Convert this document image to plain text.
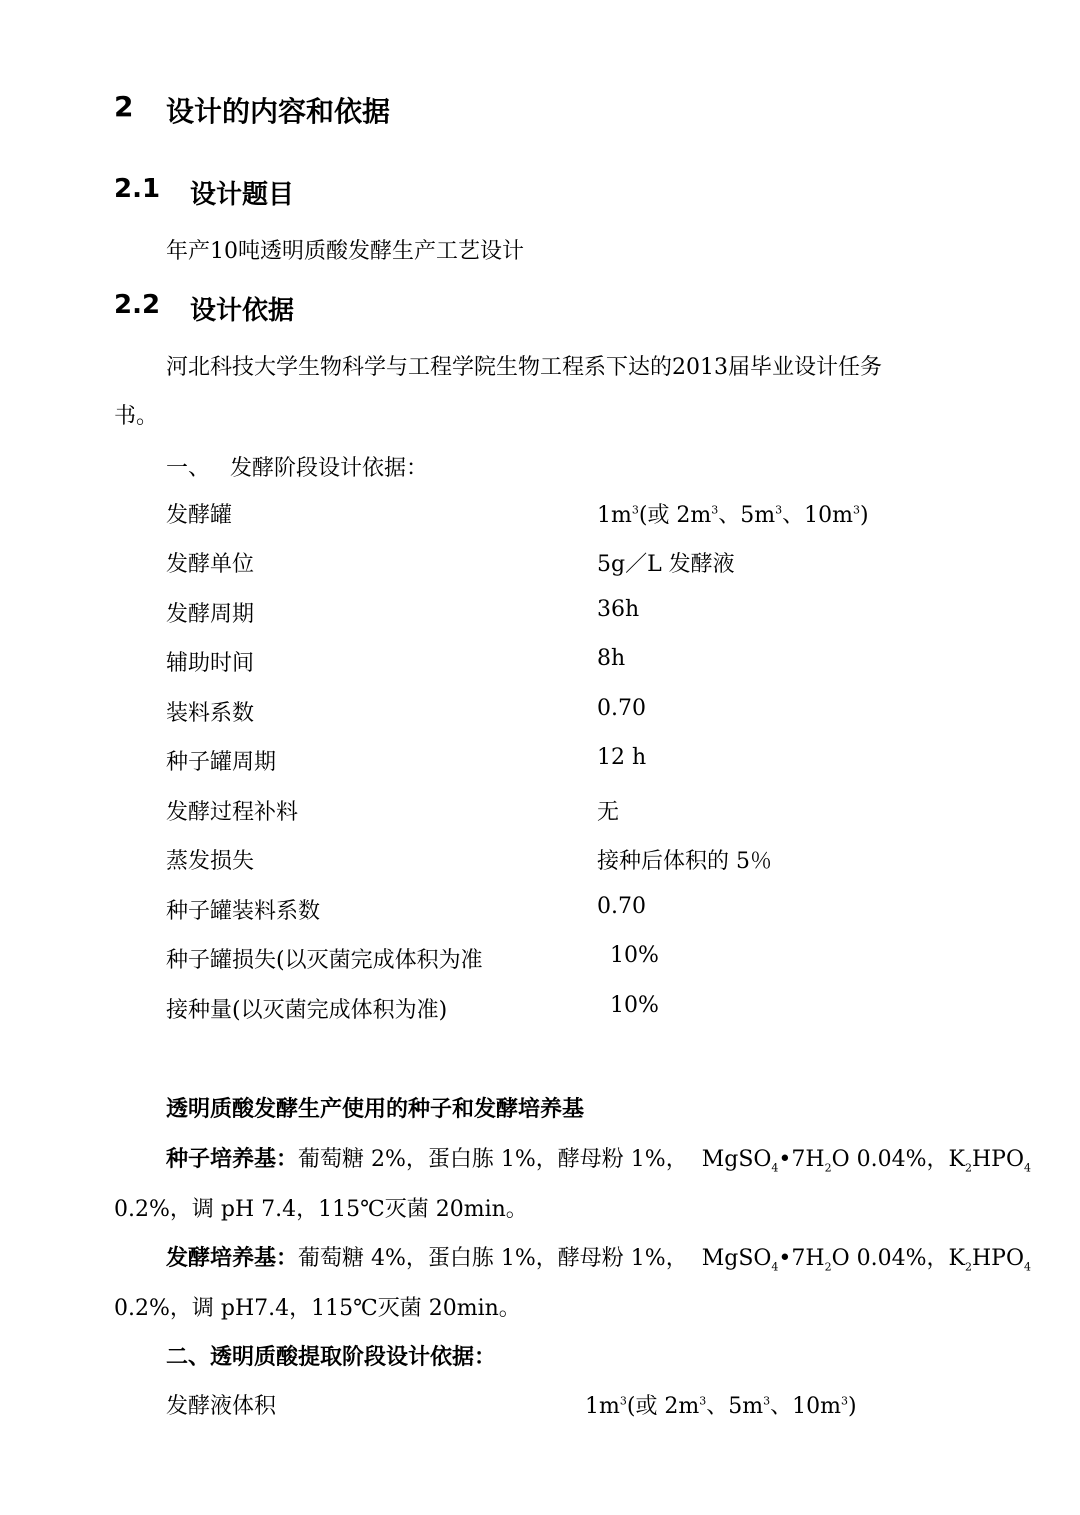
2 设计的内容和依据
2.1 设计题目
年产10吨透明质酸发酵生产工艺设计
2.2 设计依据
河北科技大学生物科学与工程学院生物工程系下达的2013届毕业设计任务
书。
一、 发酵阶段设计依据：
发酵罐	$1m^3$(或 $2m^3$、$5m^3$、$10m^3$)
发酵单位	5g／L 发酵液
发酵周期	36h
辅助时间	8h
装料系数	0.70
种子罐周期	12 h
发酵过程补料	无
蒸发损失	接种后体积的 5％
种子罐装料系数	0.70
种子罐损失(以灭菌完成体积为准	10%
接种量(以灭菌完成体积为准)	10%
透明质酸发酵生产使用的种子和发酵培养基
种子培养基：葡萄糖 2%，蛋白胨 1%，酵母粉 1%， $MgSO_4•7H_2O$ 0.04%，$K_2HPO_4$
0.2%，调 pH 7.4，115℃灭菌 20min。
发酵培养基：葡萄糖 4%，蛋白胨 1%，酵母粉 1%， $MgSO_4•7H_2O$ 0.04%，$K_2HPO_4$
0.2%，调 pH7.4，115℃灭菌 20min。
二、透明质酸提取阶段设计依据：
发酵液体积	$1m^3$(或 $2m^3$、$5m^3$、$10m^3$)
